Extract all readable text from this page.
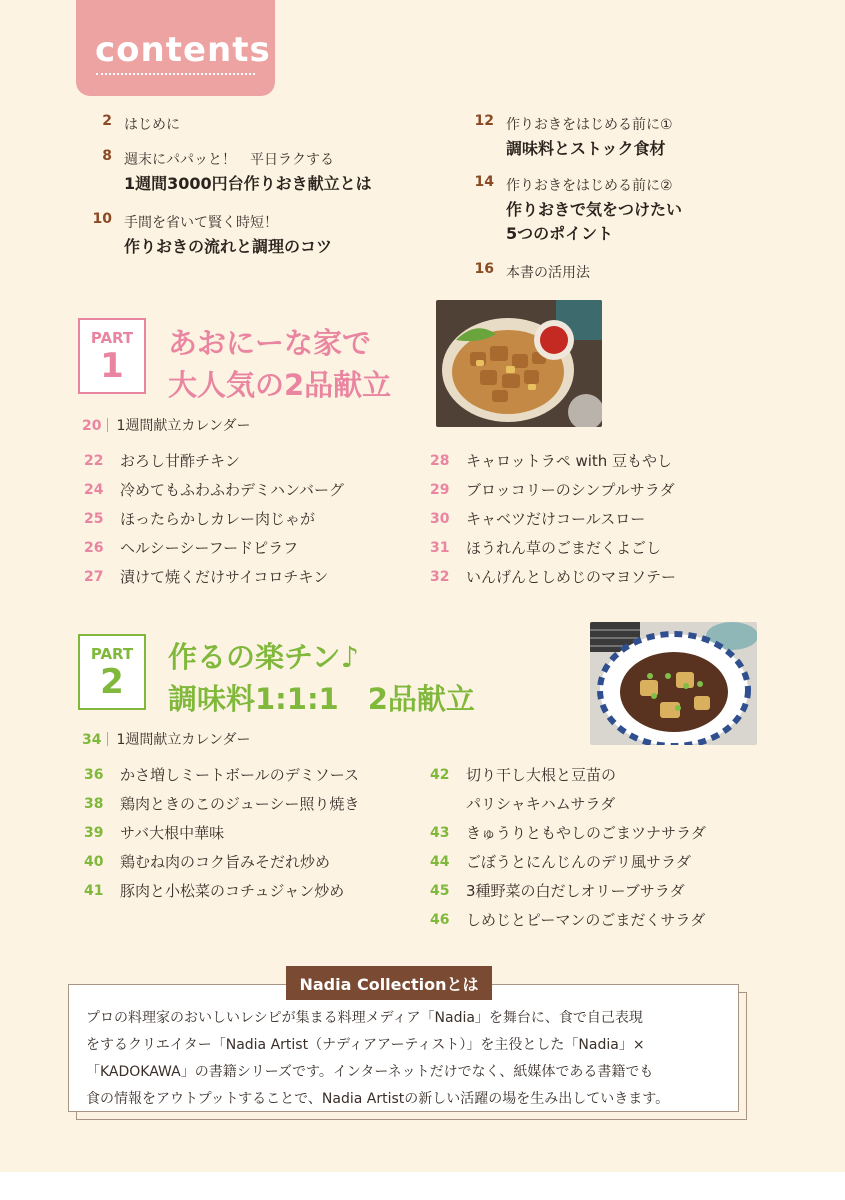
contents
2 はじめに
8 週末にパパッと！　平日ラクする
1週間3000円台作りおき献立とは
10 手間を省いて賢く時短！
作りおきの流れと調理のコツ
12 作りおきをはじめる前に①
調味料とストック食材
14 作りおきをはじめる前に②
作りおきで気をつけたい
5つのポイント
16 本書の活用法
PART
1
あおにーな家で
大人気の2品献立
20 1週間献立カレンダー
22	おろし甘酢チキン
24	冷めてもふわふわデミハンバーグ
25	ほったらかしカレー肉じゃが
26	ヘルシーシーフードピラフ
27	漬けて焼くだけサイコロチキン
28	キャロットラペ with 豆もやし
29	ブロッコリーのシンプルサラダ
30	キャベツだけコールスロー
31	ほうれん草のごまだくよごし
32	いんげんとしめじのマヨソテー
PART
2
作るの楽チン♪
調味料1:1:1　2品献立
34 1週間献立カレンダー
36	かさ増しミートボールのデミソース
38	鶏肉ときのこのジューシー照り焼き
39	サバ大根中華味
40	鶏むね肉のコク旨みそだれ炒め
41	豚肉と小松菜のコチュジャン炒め
42	切り干し大根と豆苗の
パリシャキハムサラダ
43	きゅうりともやしのごまツナサラダ
44	ごぼうとにんじんのデリ風サラダ
45	3種野菜の白だしオリーブサラダ
46	しめじとピーマンのごまだくサラダ
Nadia Collectionとは
プロの料理家のおいしいレシピが集まる料理メディア「Nadia」を舞台に、食で自己表現
をするクリエイター「Nadia Artist（ナディアアーティスト）」を主役とした「Nadia」×
「KADOKAWA」の書籍シリーズです。インターネットだけでなく、紙媒体である書籍でも
食の情報をアウトプットすることで、Nadia Artistの新しい活躍の場を生み出していきます。
